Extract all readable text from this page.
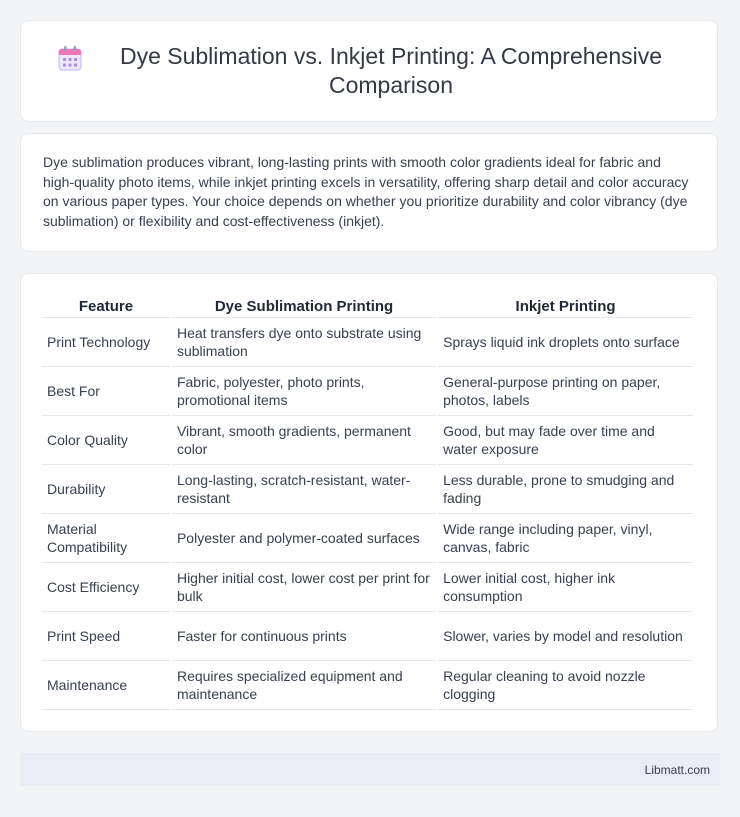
Dye Sublimation vs. Inkjet Printing: A Comprehensive Comparison

Dye sublimation produces vibrant, long-lasting prints with smooth color gradients ideal for fabric and high-quality photo items, while inkjet printing excels in versatility, offering sharp detail and color accuracy on various paper types. Your choice depends on whether you prioritize durability and color vibrancy (dye sublimation) or flexibility and cost-effectiveness (inkjet).

Feature	Dye Sublimation Printing	Inkjet Printing
Print Technology	Heat transfers dye onto substrate using sublimation	Sprays liquid ink droplets onto surface
Best For	Fabric, polyester, photo prints, promotional items	General-purpose printing on paper, photos, labels
Color Quality	Vibrant, smooth gradients, permanent color	Good, but may fade over time and water exposure
Durability	Long-lasting, scratch-resistant, water-resistant	Less durable, prone to smudging and fading
Material Compatibility	Polyester and polymer-coated surfaces	Wide range including paper, vinyl, canvas, fabric
Cost Efficiency	Higher initial cost, lower cost per print for bulk	Lower initial cost, higher ink consumption
Print Speed	Faster for continuous prints	Slower, varies by model and resolution
Maintenance	Requires specialized equipment and maintenance	Regular cleaning to avoid nozzle clogging
Libmatt.com
